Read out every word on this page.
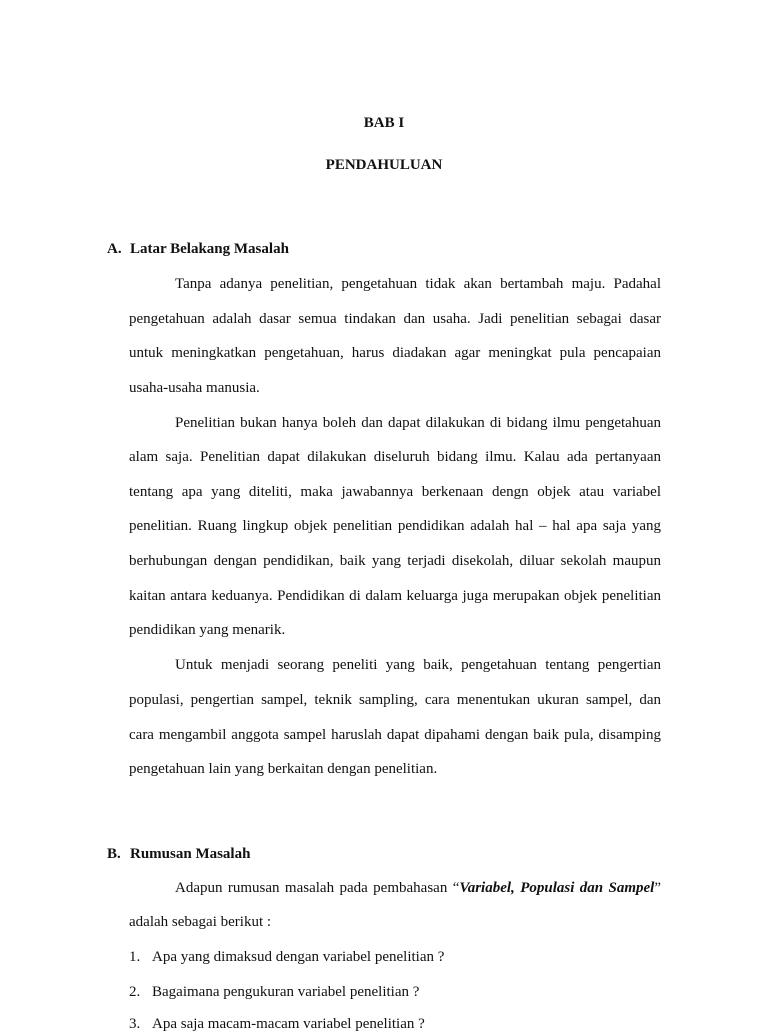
BAB I

PENDAHULUAN

A. Latar Belakang Masalah

Tanpa adanya penelitian, pengetahuan tidak akan bertambah maju. Padahal

pengetahuan adalah dasar semua tindakan dan usaha. Jadi penelitian sebagai dasar

untuk meningkatkan pengetahuan, harus diadakan agar meningkat pula pencapaian

usaha-usaha manusia.

Penelitian bukan hanya boleh dan dapat dilakukan di bidang ilmu pengetahuan

alam saja. Penelitian dapat dilakukan diseluruh bidang ilmu. Kalau ada pertanyaan

tentang apa yang diteliti, maka jawabannya berkenaan dengn objek atau variabel

penelitian. Ruang lingkup objek penelitian pendidikan adalah hal – hal apa saja yang

berhubungan dengan pendidikan, baik yang terjadi disekolah, diluar sekolah maupun

kaitan antara keduanya. Pendidikan di dalam keluarga juga merupakan objek penelitian

pendidikan yang menarik.

Untuk menjadi seorang peneliti yang baik, pengetahuan tentang pengertian

populasi, pengertian sampel, teknik sampling, cara menentukan ukuran sampel, dan

cara mengambil anggota sampel haruslah dapat dipahami dengan baik pula, disamping

pengetahuan lain yang berkaitan dengan penelitian.

B. Rumusan Masalah

Adapun rumusan masalah pada pembahasan “Variabel, Populasi dan Sampel”

adalah sebagai berikut :

1. Apa yang dimaksud dengan variabel penelitian ?

2. Bagaimana pengukuran variabel penelitian ?

3. Apa saja macam-macam variabel penelitian ?
